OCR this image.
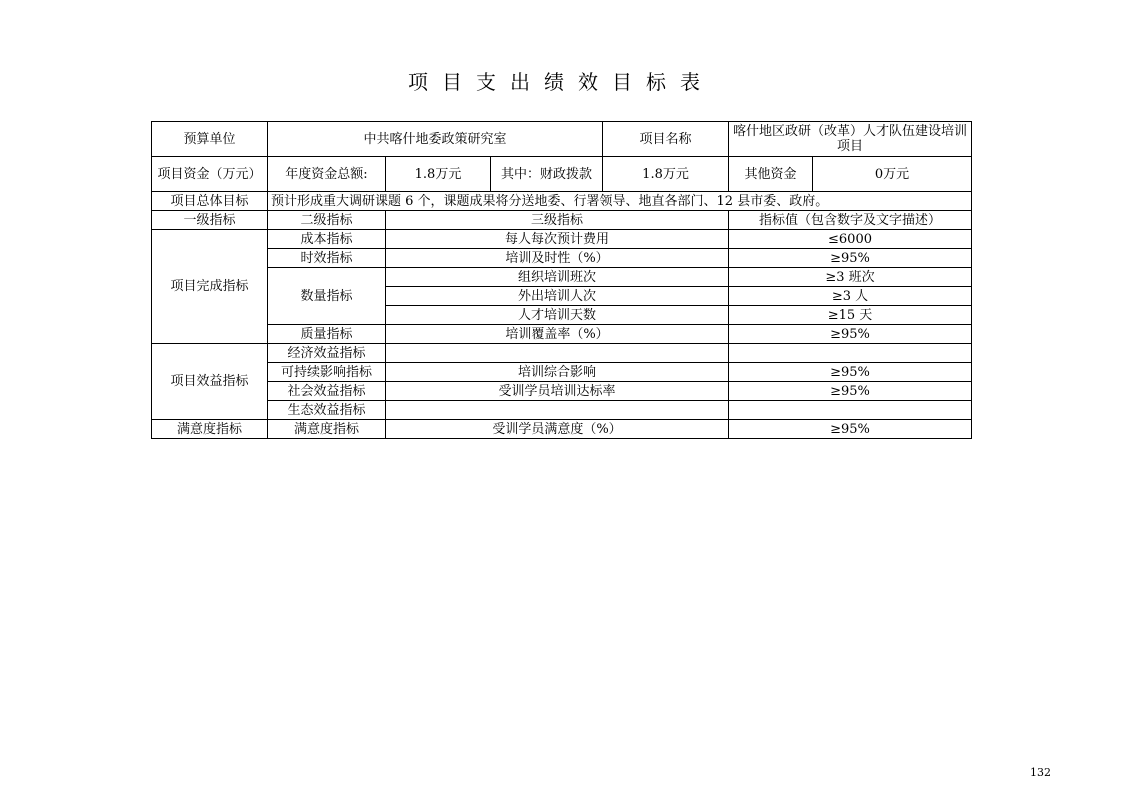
项目支出绩效目标表
预算单位	中共喀什地委政策研究室			项目名称	喀什地区政研（改革）人才队伍建设培训项目
项目资金（万元）	年度资金总额:	1.8万元	其中：财政拨款	1.8万元 其他资金 0万元	

项目总体目标	预计形成重大调研课题 6 个，课题成果将分送地委、行署领导、地直各部门、12 县市委、政府。				
一级指标	二级指标	三级指标			指标值（包含数字及文字描述）
项目完成指标	成本指标	每人每次预计费用			≤6000
	时效指标	培训及时性（%）			≥95%
	数量指标	组织培训班次			≥3 班次
		外出培训人次			≥3 人
		人才培训天数			≥15 天
	质量指标	培训覆盖率（%）			≥95%
项目效益指标	经济效益指标				
	可持续影响指标	培训综合影响			≥95%
	社会效益指标	受训学员培训达标率			≥95%
	生态效益指标				
满意度指标	满意度指标	受训学员满意度（%）			≥95%
132
